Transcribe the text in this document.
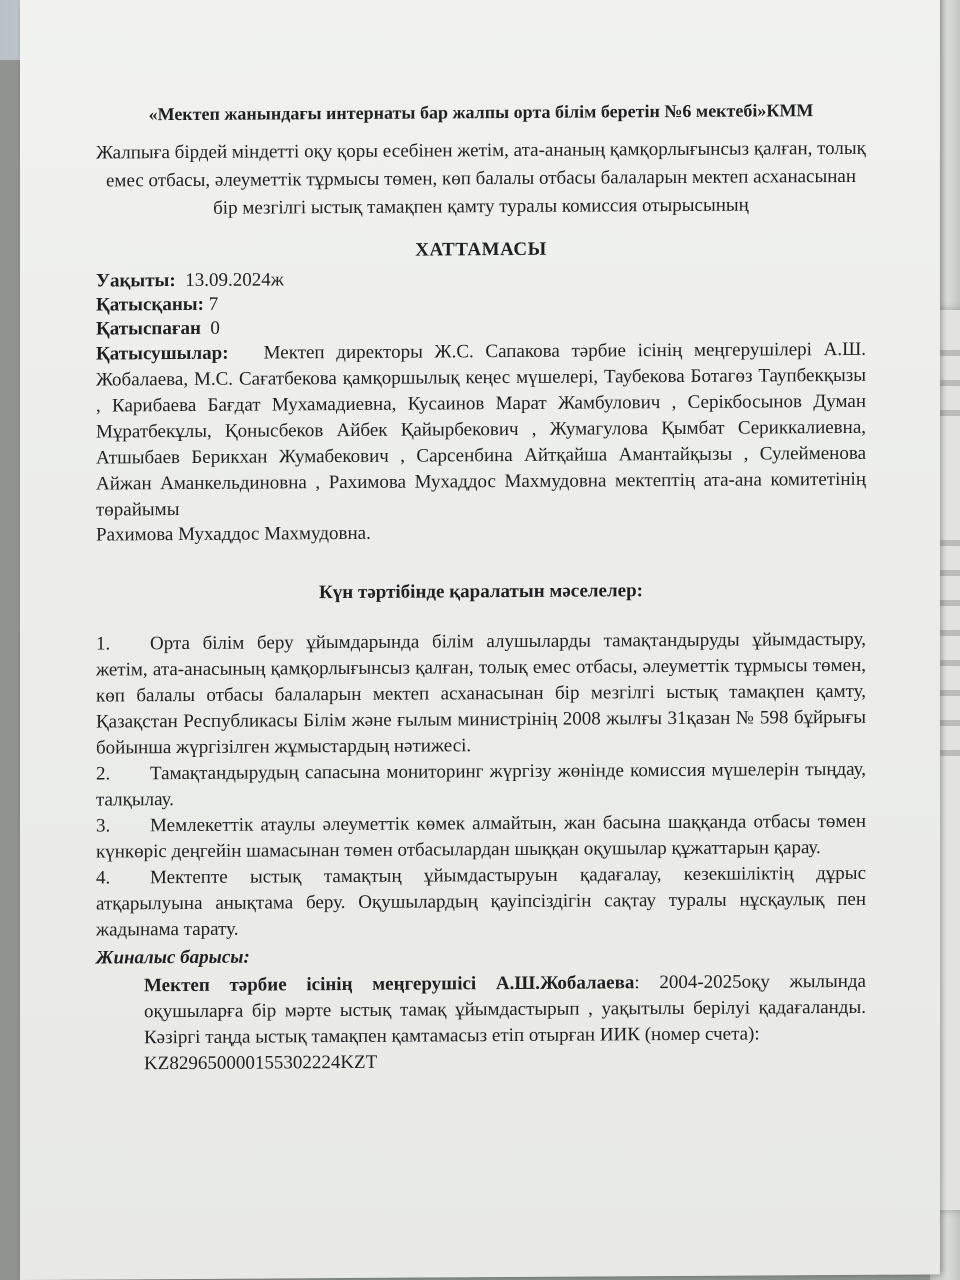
«Мектеп жанындағы интернаты бар жалпы орта білім беретін №6 мектебі»КММ

Жалпыға бірдей міндетті оқу қоры есебінен жетім, ата-ананың қамқорлығынсыз қалған, толық емес отбасы, әлеуметтік тұрмысы төмен, көп балалы отбасы балаларын мектеп асханасынан бір мезгілгі ыстық тамақпен қамту туралы комиссия отырысының

ХАТТАМАСЫ

Уақыты: 13.09.2024ж
Қатысқаны: 7
Қатыспаған 0
Қатысушылар: Мектеп директоры Ж.С. Сапакова тәрбие ісінің меңгерушілері А.Ш. Жобалаева, М.С. Сағатбекова қамқоршылық кеңес мүшелері, Таубекова Ботагөз Таупбекқызы , Карибаева Бағдат Мухамадиевна, Кусаинов Марат Жамбулович , Серікбосынов Думан Мұратбекұлы, Қонысбеков Айбек Қайырбекович , Жумагулова Қымбат Сериккалиевна, Атшыбаев Берикхан Жумабекович , Сарсенбина Айтқайша Амантайқызы , Сулейменова Айжан Аманкельдиновна , Рахимова Мухаддос Махмудовна мектептің ата-ана комитетінің төрайымы
Рахимова Мухаддос Махмудовна.

Күн тәртібінде қаралатын мәселелер:

1. Орта білім беру ұйымдарында білім алушыларды тамақтандыруды ұйымдастыру, жетім, ата-анасының қамқорлығынсыз қалған, толық емес отбасы, әлеуметтік тұрмысы төмен, көп балалы отбасы балаларын мектеп асханасынан бір мезгілгі ыстық тамақпен қамту, Қазақстан Республикасы Білім және ғылым министрінің 2008 жылғы 31қазан № 598 бұйрығы бойынша жүргізілген жұмыстардың нәтижесі.
2. Тамақтандырудың сапасына мониторинг жүргізу жөнінде комиссия мүшелерін тыңдау, талқылау.
3. Мемлекеттік атаулы әлеуметтік көмек алмайтын, жан басына шаққанда отбасы төмен күнкөріс деңгейін шамасынан төмен отбасылардан шыққан оқушылар құжаттарын қарау.
4. Мектепте ыстық тамақтың ұйымдастыруын қадағалау, кезекшіліктің дұрыс атқарылуына анықтама беру. Оқушылардың қауіпсіздігін сақтау туралы нұсқаулық пен жадынама тарату.

Жиналыс барысы:

Мектеп тәрбие ісінің меңгерушісі А.Ш.Жобалаева: 2004-2025оқу жылында оқушыларға бір мәрте ыстық тамақ ұйымдастырып , уақытылы берілуі қадағаланды. Кәзіргі таңда ыстық тамақпен қамтамасыз етіп отырған ИИК (номер счета):
KZ829650000155302224KZT
